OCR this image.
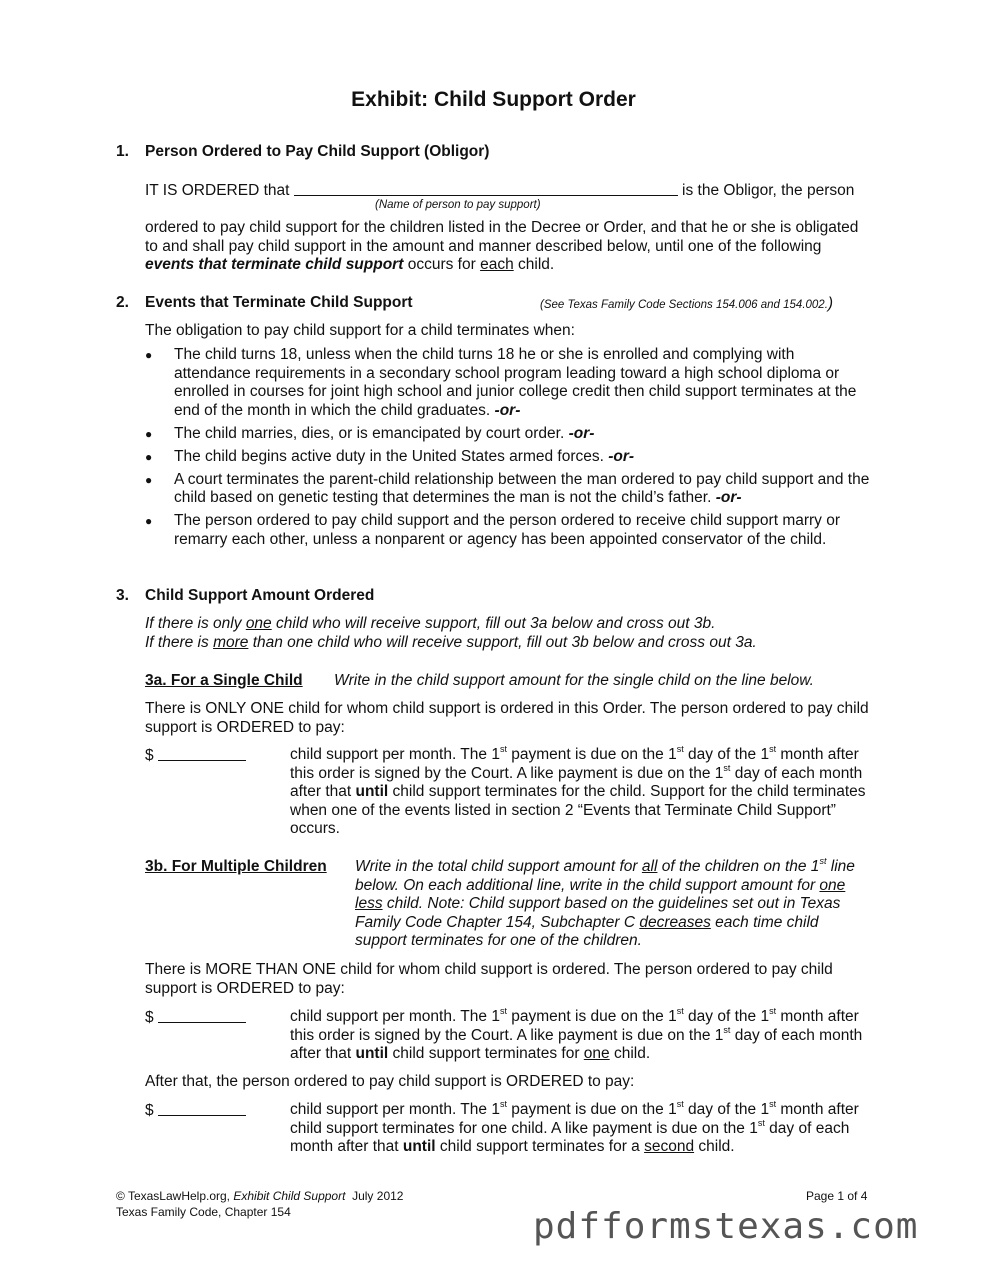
Exhibit: Child Support Order
1. Person Ordered to Pay Child Support (Obligor)
IT IS ORDERED that	is the Obligor, the person
(Name of person to pay support)

ordered to pay child support for the children listed in the Decree or Order, and that he or she is obligated to and shall pay child support in the amount and manner described below, until one of the following events that terminate child support occurs for each child.

2. Events that Terminate Child Support	(See Texas Family Code Sections 154.006 and 154.002.)
The obligation to pay child support for a child terminates when:
●	The child turns 18, unless when the child turns 18 he or she is enrolled and complying with attendance requirements in a secondary school program leading toward a high school diploma or enrolled in courses for joint high school and junior college credit then child support terminates at the end of the month in which the child graduates. -or-
●	The child marries, dies, or is emancipated by court order. -or-
●	The child begins active duty in the United States armed forces. -or-
●	A court terminates the parent-child relationship between the man ordered to pay child support and the child based on genetic testing that determines the man is not the child’s father. -or-
●	The person ordered to pay child support and the person ordered to receive child support marry or remarry each other, unless a nonparent or agency has been appointed conservator of the child.
3. Child Support Amount Ordered

If there is only one child who will receive support, fill out 3a below and cross out 3b.

If there is more than one child who will receive support, fill out 3b below and cross out 3a.

3a. For a Single Child Write in the child support amount for the single child on the line below.

There is ONLY ONE child for whom child support is ordered in this Order. The person ordered to pay child support is ORDERED to pay:

$	child support per month. The 1st payment is due on the 1st day of the 1st month after this order is signed by the Court. A like payment is due on the 1st day of each month after that until child support terminates for the child. Support for the child terminates when one of the events listed in section 2 “Events that Terminate Child Support” occurs.

3b. For Multiple Children Write in the total child support amount for all of the children on the 1st line below. On each additional line, write in the child support amount for one less child. Note: Child support based on the guidelines set out in Texas Family Code Chapter 154, Subchapter C decreases each time child support terminates for one of the children.

There is MORE THAN ONE child for whom child support is ordered. The person ordered to pay child support is ORDERED to pay:

$	child support per month. The 1st payment is due on the 1st day of the 1st month after this order is signed by the Court. A like payment is due on the 1st day of each month after that until child support terminates for one child.

After that, the person ordered to pay child support is ORDERED to pay:
$	child support per month. The 1st payment is due on the 1st day of the 1st month after child support terminates for one child. A like payment is due on the 1st day of each month after that until child support terminates for a second child.

© TexasLawHelp.org, Exhibit Child Support July 2012
Texas Family Code, Chapter 154
Page 1 of 4
pdfformstexas.com
